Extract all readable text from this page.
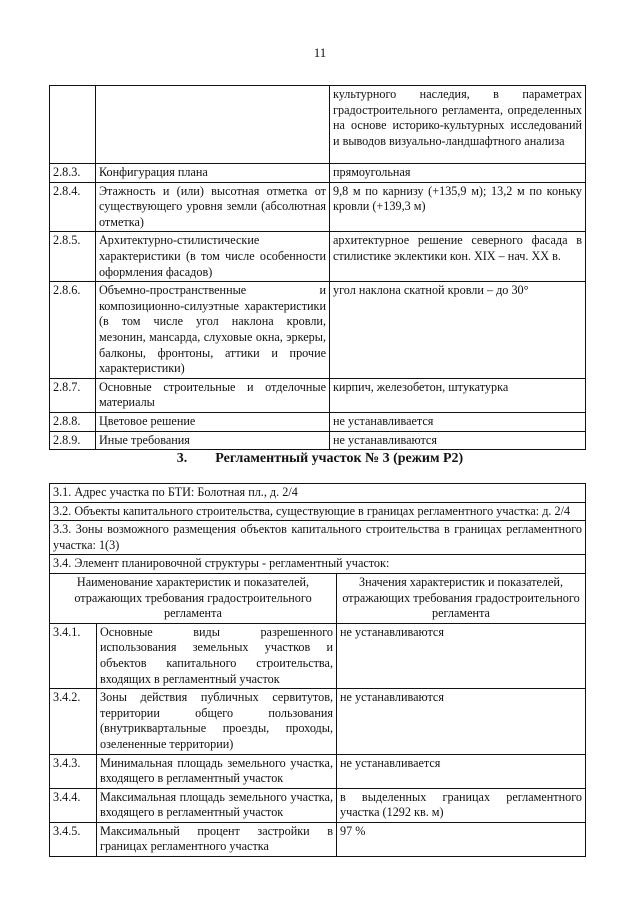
11
		культурного наследия, в параметрах градостроительного регламента, определенных на основе историко-культурных исследований и выводов визуально-ландшафтного анализа
2.8.3.	Конфигурация плана	прямоугольная
2.8.4.	Этажность и (или) высотная отметка от существующего уровня земли (абсолютная отметка)	9,8 м по карнизу (+135,9 м); 13,2 м по коньку кровли (+139,3 м)
2.8.5.	Архитектурно-стилистические характеристики (в том числе особенности оформления фасадов)	архитектурное решение северного фасада в стилистике эклектики кон. XIX – нач. XX в.
2.8.6.	Объемно-пространственные и композиционно-силуэтные характеристики (в том числе угол наклона кровли, мезонин, мансарда, слуховые окна, эркеры, балконы, фронтоны, аттики и прочие характеристики)	угол наклона скатной кровли – до 30°
2.8.7.	Основные строительные и отделочные материалы	кирпич, железобетон, штукатурка
2.8.8.	Цветовое решение	не устанавливается
2.8.9.	Иные требования	не устанавливаются
3. Регламентный участок № 3 (режим Р2)
3.1. Адрес участка по БТИ: Болотная пл., д. 2/4		
3.2. Объекты капитального строительства, существующие в границах регламентного участка: д. 2/4		
3.3. Зоны возможного размещения объектов капитального строительства в границах регламентного участка: 1(3)		
3.4. Элемент планировочной структуры - регламентный участок:		
Наименование характеристик и показателей, отражающих требования градостроительного регламента		Значения характеристик и показателей, отражающих требования градостроительного регламента
3.4.1.	Основные виды разрешенного использования земельных участков и объектов капитального строительства, входящих в регламентный участок	не устанавливаются
3.4.2.	Зоны действия публичных сервитутов, территории общего пользования (внутриквартальные проезды, проходы, озелененные территории)	не устанавливаются
3.4.3.	Минимальная площадь земельного участка, входящего в регламентный участок	не устанавливается
3.4.4.	Максимальная площадь земельного участка, входящего в регламентный участок	в выделенных границах регламентного участка (1292 кв. м)
3.4.5.	Максимальный процент застройки в границах регламентного участка	97 %
